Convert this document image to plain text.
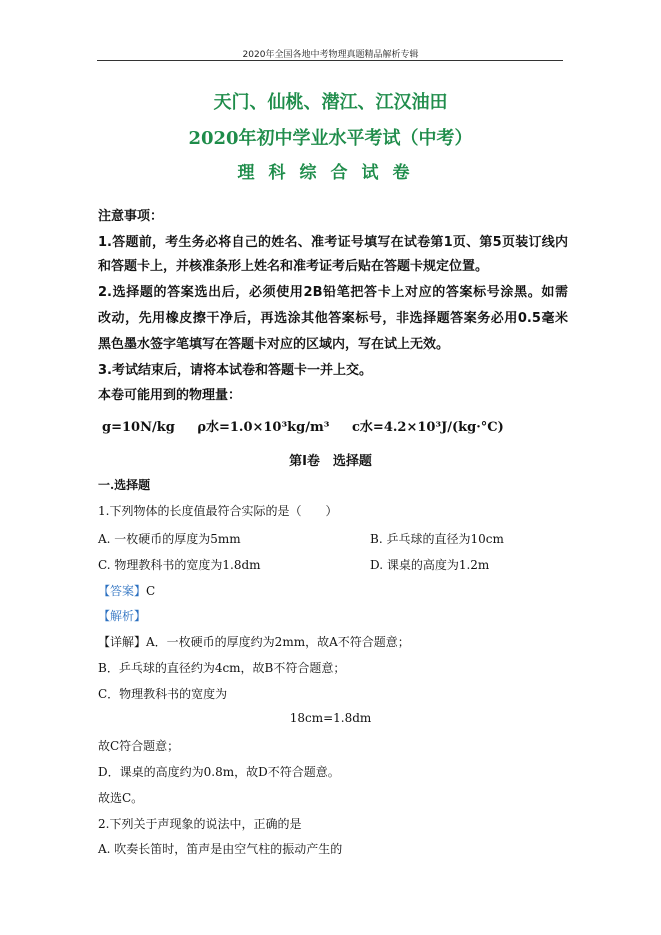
2020年全国各地中考物理真题精品解析专辑
天门、仙桃、潜江、江汉油田
2020年初中学业水平考试（中考）
理科综合试卷
注意事项：
1.答题前，考生务必将自己的姓名、准考证号填写在试卷第1页、第5页装订线内
和答题卡上，并核准条形上姓名和准考证考后贴在答题卡规定位置。
2.选择题的答案选出后，必须使用2B铅笔把答卡上对应的答案标号涂黑。如需
改动，先用橡皮擦干净后，再选涂其他答案标号，非选择题答案务必用0.5毫米
黑色墨水签字笔填写在答题卡对应的区域内，写在试上无效。
3.考试结束后，请将本试卷和答题卡一并上交。
本卷可能用到的物理量：
g=10N/kg ρ水=1.0×10³kg/m³ c水=4.2×10³J/(kg·°C)
第Ⅰ卷　选择题
一.选择题
1.下列物体的长度值最符合实际的是（　　）
A. 一枚硬币的厚度为5mm	B. 乒乓球的直径为10cm
C. 物理教科书的宽度为1.8dm	D. 课桌的高度为1.2m
【答案】C
【解析】
【详解】A．一枚硬币的厚度约为2mm，故A不符合题意；
B．乒乓球的直径约为4cm，故B不符合题意；
C．物理教科书的宽度为
18cm=1.8dm
故C符合题意；
D．课桌的高度约为0.8m，故D不符合题意。
故选C。
2.下列关于声现象的说法中，正确的是
A. 吹奏长笛时，笛声是由空气柱的振动产生的
